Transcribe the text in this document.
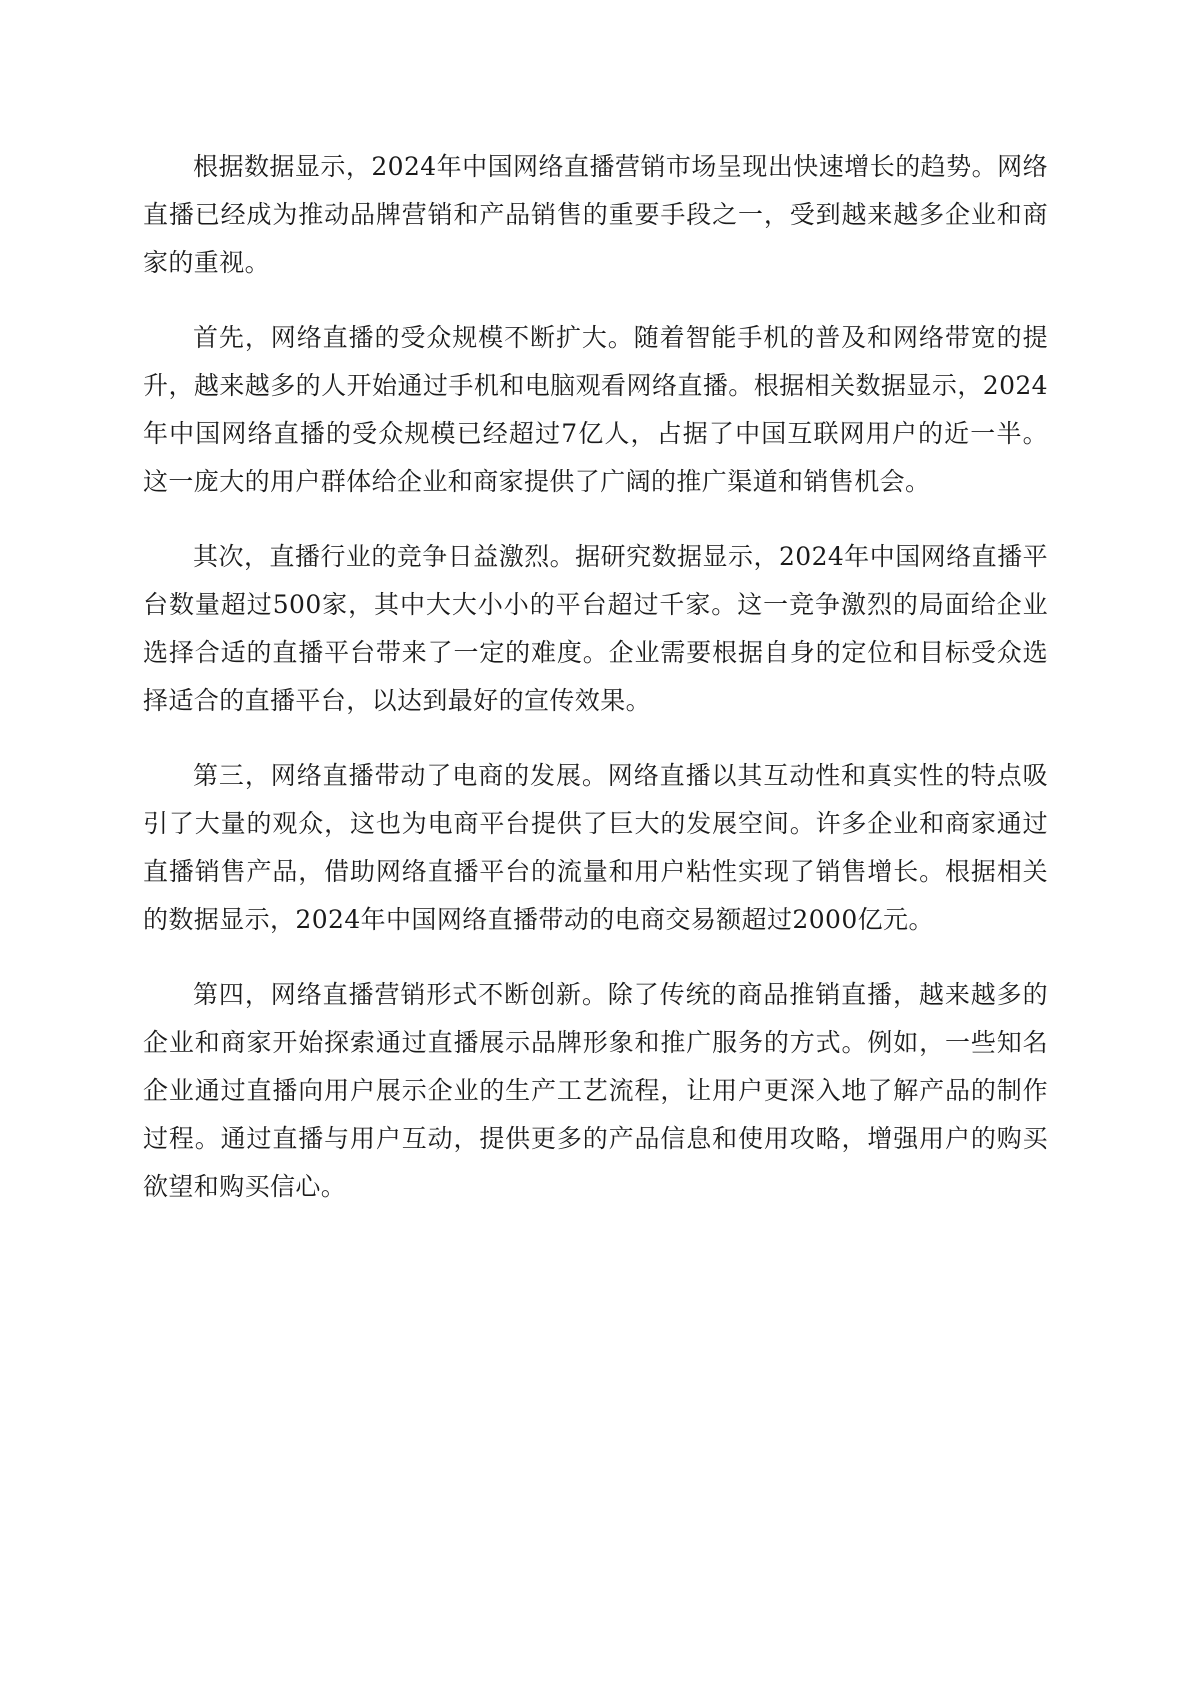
根据数据显示，2024年中国网络直播营销市场呈现出快速增长的趋势。网络直播已经成为推动品牌营销和产品销售的重要手段之一，受到越来越多企业和商家的重视。

首先，网络直播的受众规模不断扩大。随着智能手机的普及和网络带宽的提升，越来越多的人开始通过手机和电脑观看网络直播。根据相关数据显示，2024年中国网络直播的受众规模已经超过7亿人，占据了中国互联网用户的近一半。这一庞大的用户群体给企业和商家提供了广阔的推广渠道和销售机会。

其次，直播行业的竞争日益激烈。据研究数据显示，2024年中国网络直播平台数量超过500家，其中大大小小的平台超过千家。这一竞争激烈的局面给企业选择合适的直播平台带来了一定的难度。企业需要根据自身的定位和目标受众选择适合的直播平台，以达到最好的宣传效果。

第三，网络直播带动了电商的发展。网络直播以其互动性和真实性的特点吸引了大量的观众，这也为电商平台提供了巨大的发展空间。许多企业和商家通过直播销售产品，借助网络直播平台的流量和用户粘性实现了销售增长。根据相关的数据显示，2024年中国网络直播带动的电商交易额超过2000亿元。

第四，网络直播营销形式不断创新。除了传统的商品推销直播，越来越多的企业和商家开始探索通过直播展示品牌形象和推广服务的方式。例如，一些知名企业通过直播向用户展示企业的生产工艺流程，让用户更深入地了解产品的制作过程。通过直播与用户互动，提供更多的产品信息和使用攻略，增强用户的购买欲望和购买信心。
